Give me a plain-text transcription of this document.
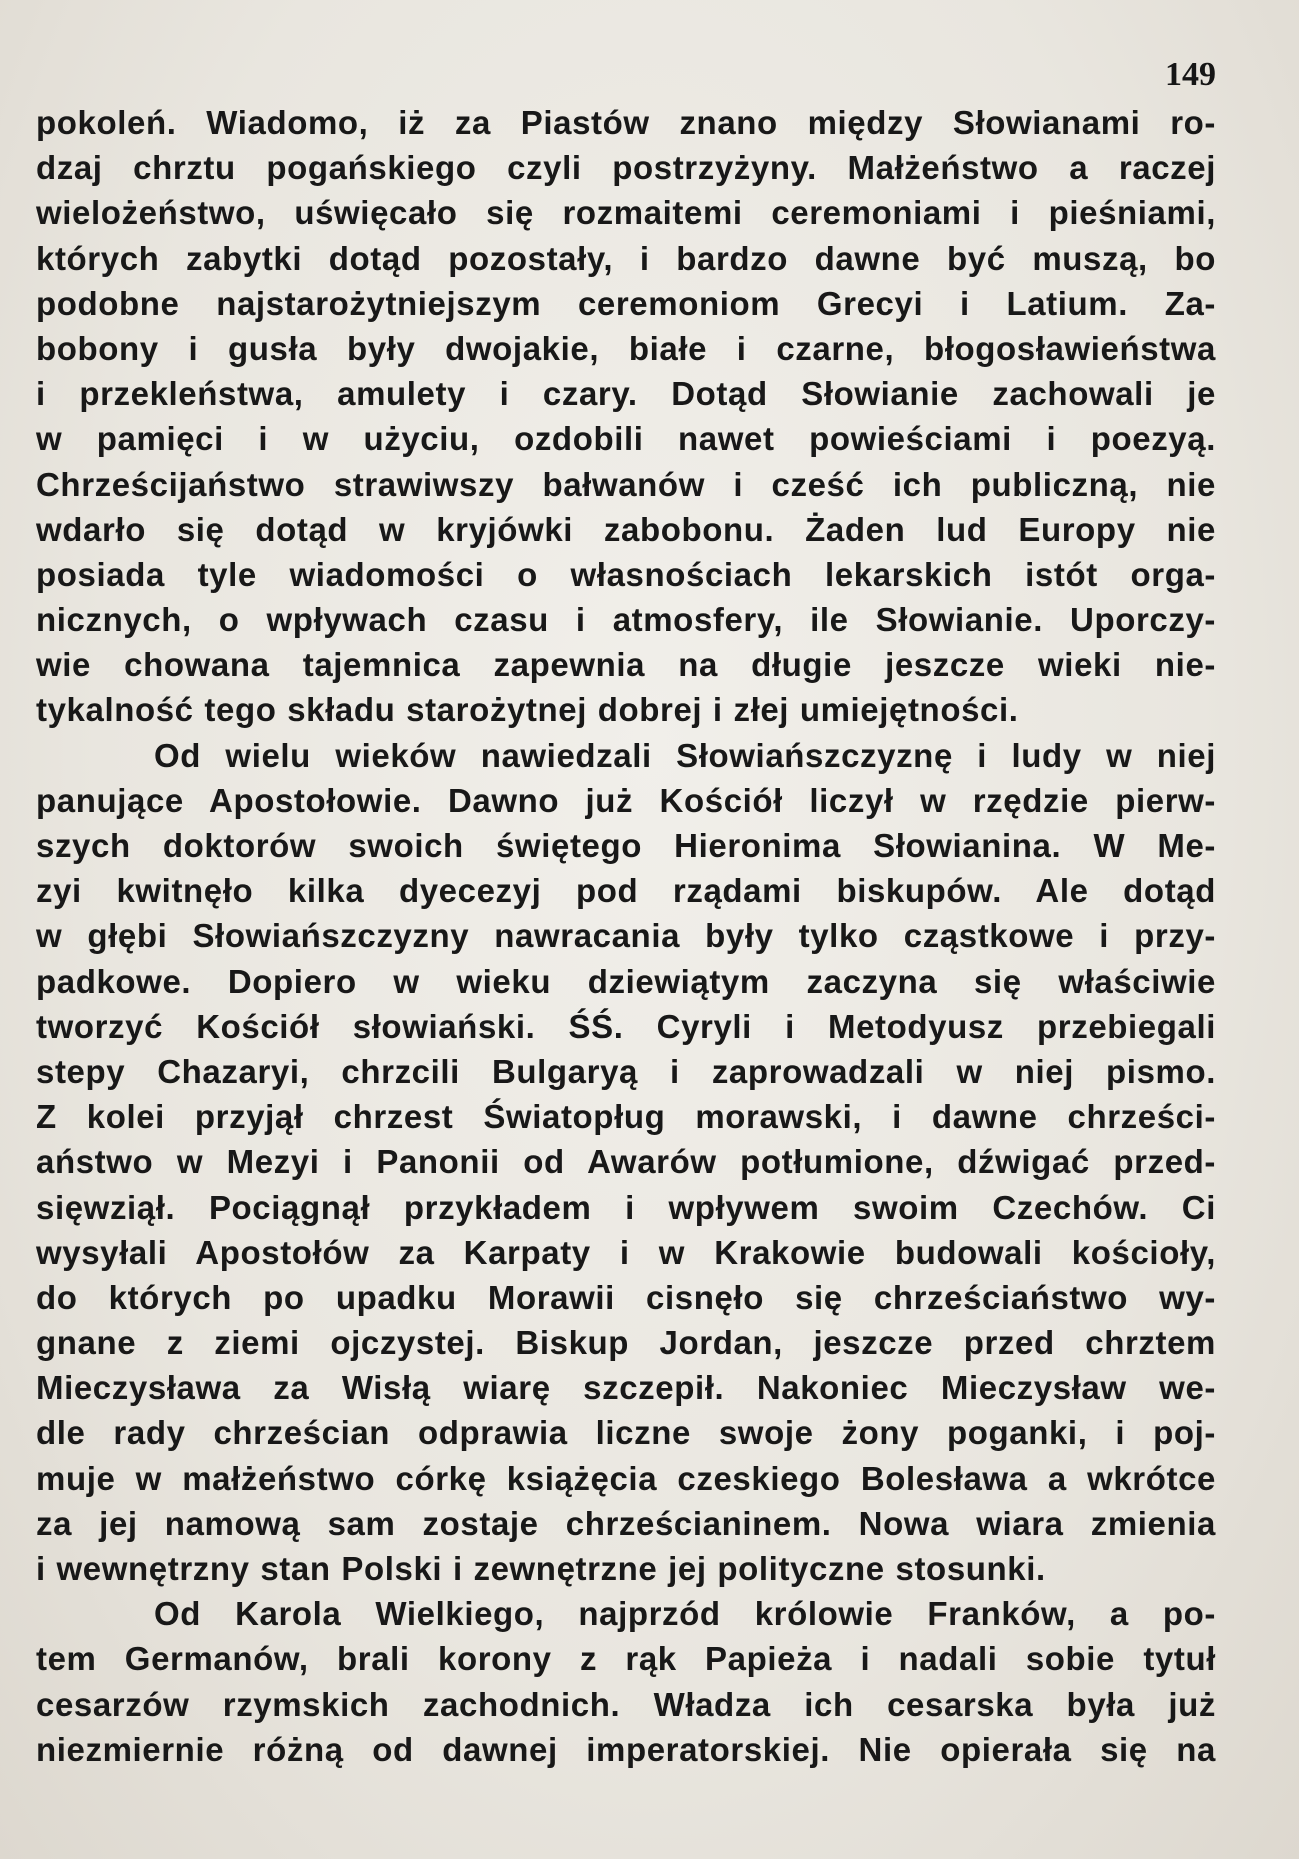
149
pokoleń. Wiadomo, iż za Piastów znano między Słowianami ro-
dzaj chrztu pogańskiego czyli postrzyżyny. Małżeństwo a raczej
wielożeństwo, uświęcało się rozmaitemi ceremoniami i pieśniami,
których zabytki dotąd pozostały, i bardzo dawne być muszą, bo
podobne najstarożytniejszym ceremoniom Grecyi i Latium. Za-
bobony i gusła były dwojakie, białe i czarne, błogosławieństwa
i przekleństwa, amulety i czary. Dotąd Słowianie zachowali je
w pamięci i w użyciu, ozdobili nawet powieściami i poezyą.
Chrześcijaństwo strawiwszy bałwanów i cześć ich publiczną, nie
wdarło się dotąd w kryjówki zabobonu. Żaden lud Europy nie
posiada tyle wiadomości o własnościach lekarskich istót orga-
nicznych, o wpływach czasu i atmosfery, ile Słowianie. Uporczy-
wie chowana tajemnica zapewnia na długie jeszcze wieki nie-
tykalność tego składu starożytnej dobrej i złej umiejętności.
Od wielu wieków nawiedzali Słowiańszczyznę i ludy w niej
panujące Apostołowie. Dawno już Kościół liczył w rzędzie pierw-
szych doktorów swoich świętego Hieronima Słowianina. W Me-
zyi kwitnęło kilka dyecezyj pod rządami biskupów. Ale dotąd
w głębi Słowiańszczyzny nawracania były tylko cząstkowe i przy-
padkowe. Dopiero w wieku dziewiątym zaczyna się właściwie
tworzyć Kościół słowiański. ŚŚ. Cyryli i Metodyusz przebiegali
stepy Chazaryi, chrzcili Bulgaryą i zaprowadzali w niej pismo.
Z kolei przyjął chrzest Światopług morawski, i dawne chrześci-
aństwo w Mezyi i Panonii od Awarów potłumione, dźwigać przed-
sięwziął. Pociągnął przykładem i wpływem swoim Czechów. Ci
wysyłali Apostołów za Karpaty i w Krakowie budowali kościoły,
do których po upadku Morawii cisnęło się chrześciaństwo wy-
gnane z ziemi ojczystej. Biskup Jordan, jeszcze przed chrztem
Mieczysława za Wisłą wiarę szczepił. Nakoniec Mieczysław we-
dle rady chrześcian odprawia liczne swoje żony poganki, i poj-
muje w małżeństwo córkę książęcia czeskiego Bolesława a wkrótce
za jej namową sam zostaje chrześcianinem. Nowa wiara zmienia
i wewnętrzny stan Polski i zewnętrzne jej polityczne stosunki.
Od Karola Wielkiego, najprzód królowie Franków, a po-
tem Germanów, brali korony z rąk Papieża i nadali sobie tytuł
cesarzów rzymskich zachodnich. Władza ich cesarska była już
niezmiernie różną od dawnej imperatorskiej. Nie opierała się na
